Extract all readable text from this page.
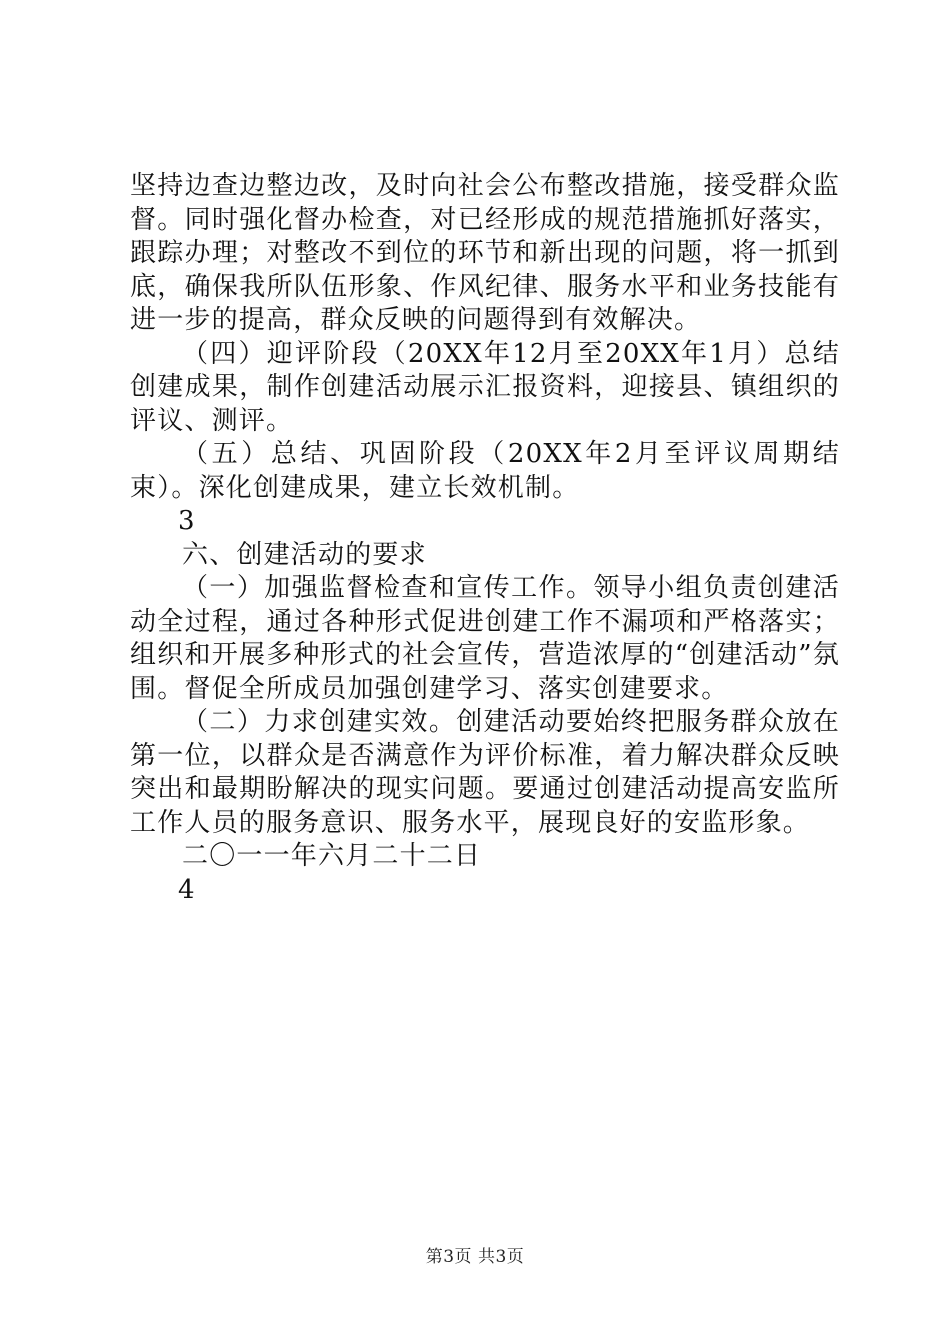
坚持边查边整边改，及时向社会公布整改措施，接受群众监督。同时强化督办检查，对已经形成的规范措施抓好落实，跟踪办理；对整改不到位的环节和新出现的问题，将一抓到底，确保我所队伍形象、作风纪律、服务水平和业务技能有进一步的提高，群众反映的问题得到有效解决。

（四）迎评阶段（20XX年12月至20XX年1月）总结创建成果，制作创建活动展示汇报资料，迎接县、镇组织的评议、测评。

（五）总结、巩固阶段（20XX年2月至评议周期结束）。深化创建成果，建立长效机制。

3

六、创建活动的要求

（一）加强监督检查和宣传工作。领导小组负责创建活动全过程，通过各种形式促进创建工作不漏项和严格落实；组织和开展多种形式的社会宣传，营造浓厚的“创建活动”氛围。督促全所成员加强创建学习、落实创建要求。

（二）力求创建实效。创建活动要始终把服务群众放在第一位，以群众是否满意作为评价标准，着力解决群众反映突出和最期盼解决的现实问题。要通过创建活动提高安监所工作人员的服务意识、服务水平，展现良好的安监形象。

二〇一一年六月二十二日

4

第3页 共3页
